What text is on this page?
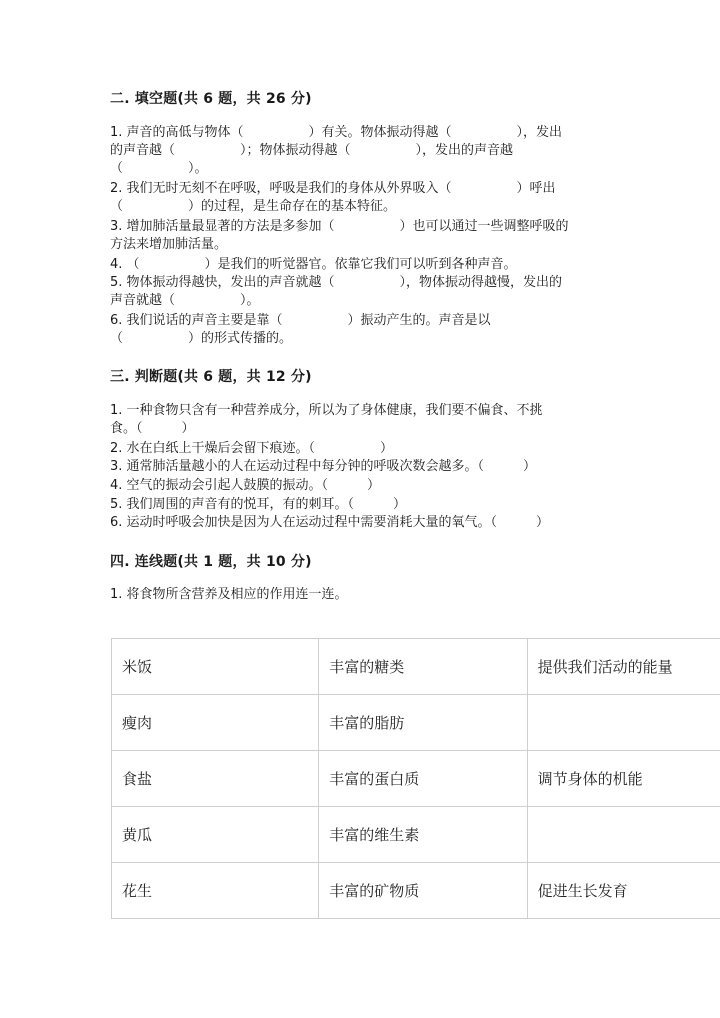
二. 填空题(共 6 题，共 26 分)
1. 声音的高低与物体（　　　　　）有关。物体振动得越（　　　　　），发出
的声音越（　　　　　）；物体振动得越（　　　　　），发出的声音越
（　　　　　）。
2. 我们无时无刻不在呼吸，呼吸是我们的身体从外界吸入（　　　　　）呼出
（　　　　　）的过程，是生命存在的基本特征。
3. 增加肺活量最显著的方法是多参加（　　　　　）也可以通过一些调整呼吸的
方法来增加肺活量。
4. （　　　　　）是我们的听觉器官。依靠它我们可以听到各种声音。
5. 物体振动得越快，发出的声音就越（　　　　　），物体振动得越慢，发出的
声音就越（　　　　　）。
6. 我们说话的声音主要是靠（　　　　　）振动产生的。声音是以
（　　　　　）的形式传播的。
三. 判断题(共 6 题，共 12 分)
1. 一种食物只含有一种营养成分，所以为了身体健康，我们要不偏食、不挑
食。（　　　）
2. 水在白纸上干燥后会留下痕迹。（　　　　　）
3. 通常肺活量越小的人在运动过程中每分钟的呼吸次数会越多。（　　　）
4. 空气的振动会引起人鼓膜的振动。（　　　）
5. 我们周围的声音有的悦耳，有的刺耳。（　　　）
6. 运动时呼吸会加快是因为人在运动过程中需要消耗大量的氧气。（　　　）
四. 连线题(共 1 题，共 10 分)
1. 将食物所含营养及相应的作用连一连。
米饭	丰富的糖类	提供我们活动的能量
瘦肉	丰富的脂肪	
食盐	丰富的蛋白质	调节身体的机能
黄瓜	丰富的维生素	
花生	丰富的矿物质	促进生长发育
